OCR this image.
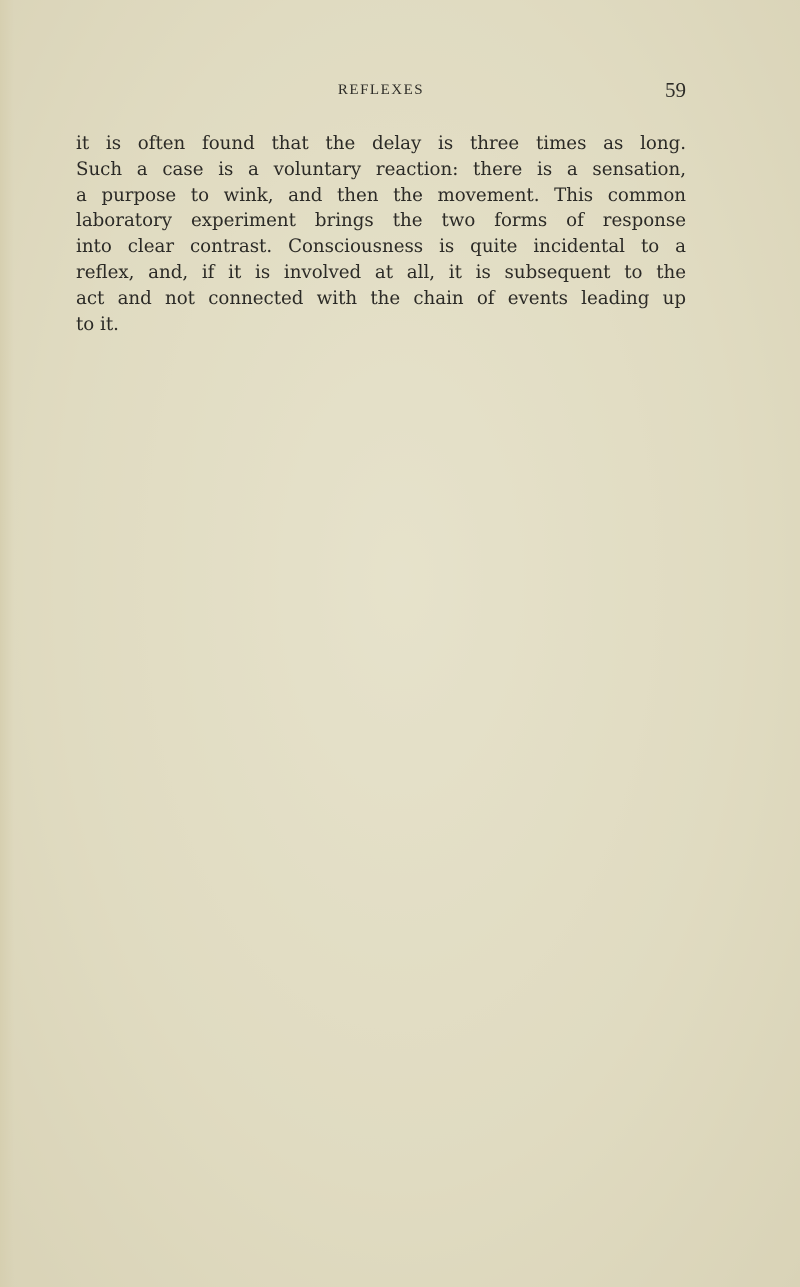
REFLEXES	59

it is often found that the delay is three times as long.
Such a case is a voluntary reaction: there is a sensation,
a purpose to wink, and then the movement. This common
laboratory experiment brings the two forms of response
into clear contrast. Consciousness is quite incidental to a
reflex, and, if it is involved at all, it is subsequent to the
act and not connected with the chain of events leading up
to it.
